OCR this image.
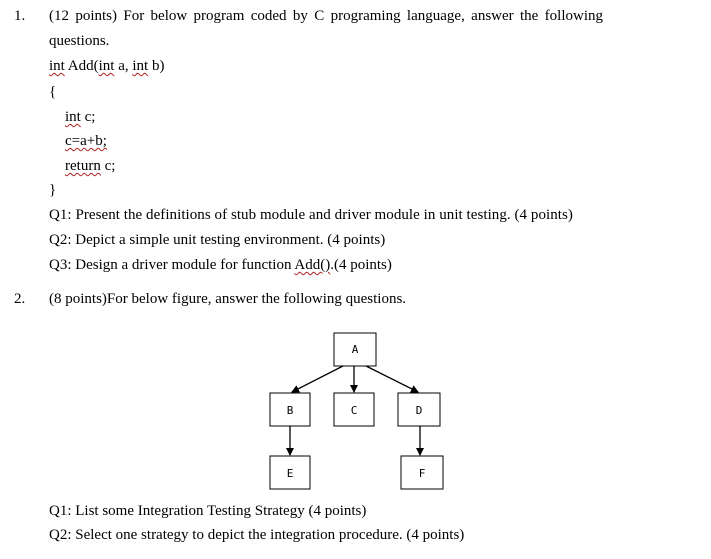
1. (12 points) For below program coded by C programing language, answer the following
questions.
int Add(int a, int b)
{
int c;
c=a+b;
return c;
}
Q1: Present the definitions of stub module and driver module in unit testing. (4 points)
Q2: Depict a simple unit testing environment. (4 points)
Q3: Design a driver module for function Add().(4 points)
2. (8 points)For below figure, answer the following questions.
A
B	C	D
E	F
Q1: List some Integration Testing Strategy (4 points)
Q2: Select one strategy to depict the integration procedure. (4 points)
